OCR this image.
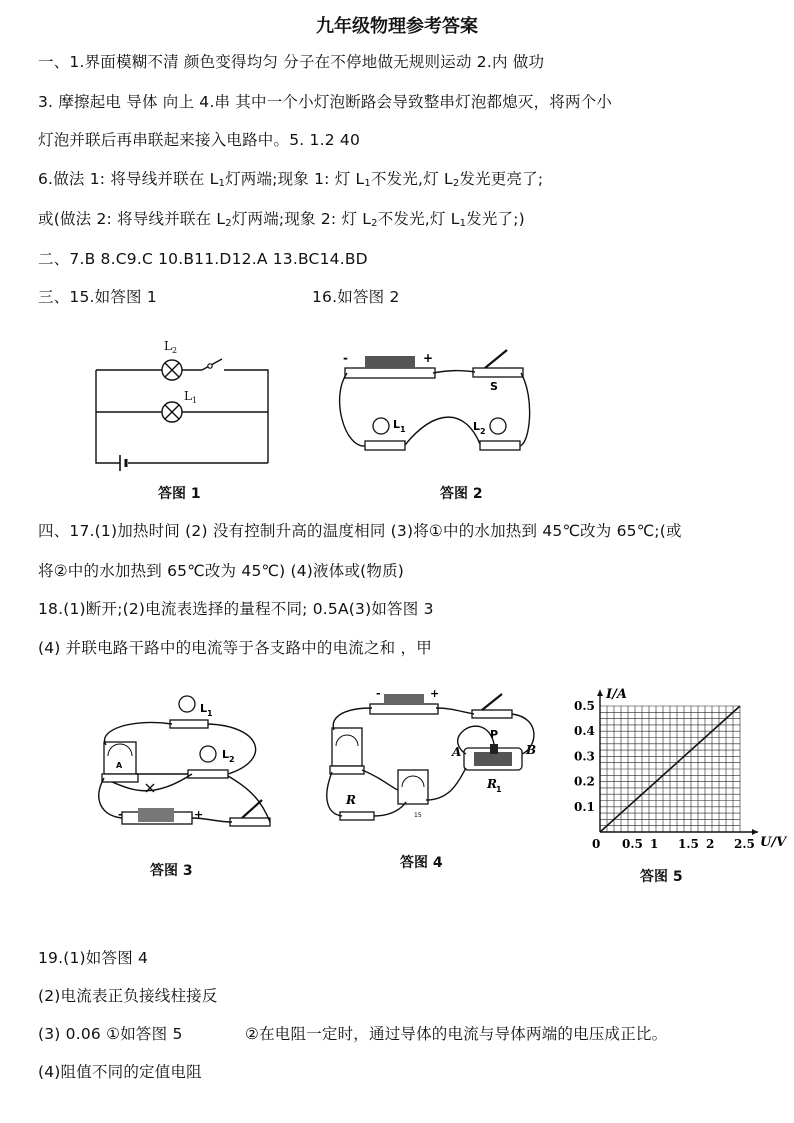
九年级物理参考答案
一、1.界面模糊不清 颜色变得均匀 分子在不停地做无规则运动 2.内 做功
3. 摩擦起电 导体 向上 4.串 其中一个小灯泡断路会导致整串灯泡都熄灭，将两个小
灯泡并联后再串联起来接入电路中。5. 1.2 40
6.做法 1: 将导线并联在 $L_1$灯两端;现象 1: 灯 $L_1$不发光,灯 $L_2$发光更亮了;
或(做法 2: 将导线并联在 $L_2$灯两端;现象 2: 灯 $L_2$不发光,灯 $L_1$发光了;)
二、7.B 8.C9.C 10.B11.D12.A 13.BC14.BD
三、15.如答图 1	16.如答图 2
L 2
L 1
答图 1
-	+
S
L 1	L 2
答图 2
四、17.(1)加热时间 (2) 没有控制升高的温度相同 (3)将①中的水加热到 45℃改为 65℃;(或
将②中的水加热到 65℃改为 45℃) (4)液体或(物质)
18.(1)断开;(2)电流表选择的量程不同; 0.5A(3)如答图 3
(4) 并联电路干路中的电流等于各支路中的电流之和 ，甲
L 1
L 2
A
-	+
答图 3
-	+
15
R
P
A	B
R 1
答图 4
0 0.5 1 1.5 2 2.5
0.1
0.2
0.3
0.4
0.5
U/V
I/A
答图 5
19.(1)如答图 4
(2)电流表正负接线柱接反
(3) 0.06 ①如答图 5	②在电阻一定时，通过导体的电流与导体两端的电压成正比。
(4)阻值不同的定值电阻
